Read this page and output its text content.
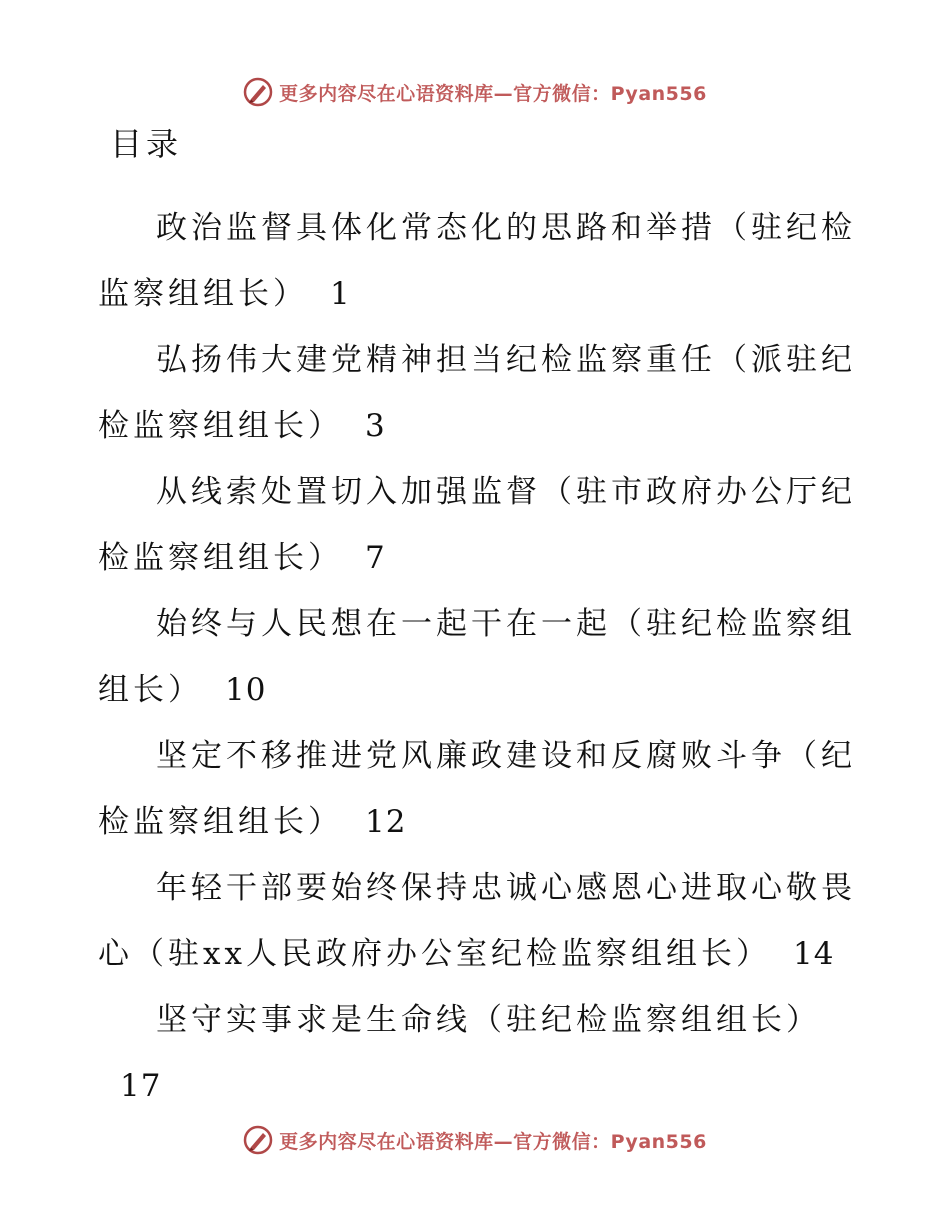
更多内容尽在心语资料库—官方微信：Pyan556
目录
政治监督具体化常态化的思路和举措（驻纪检监察组组长） 1
弘扬伟大建党精神担当纪检监察重任（派驻纪检监察组组长） 3
从线索处置切入加强监督（驻市政府办公厅纪检监察组组长） 7
始终与人民想在一起干在一起（驻纪检监察组组长） 10
坚定不移推进党风廉政建设和反腐败斗争（纪检监察组组长） 12
年轻干部要始终保持忠诚心感恩心进取心敬畏心（驻xx人民政府办公室纪检监察组组长） 14
坚守实事求是生命线（驻纪检监察组组长）17
更多内容尽在心语资料库—官方微信：Pyan556
